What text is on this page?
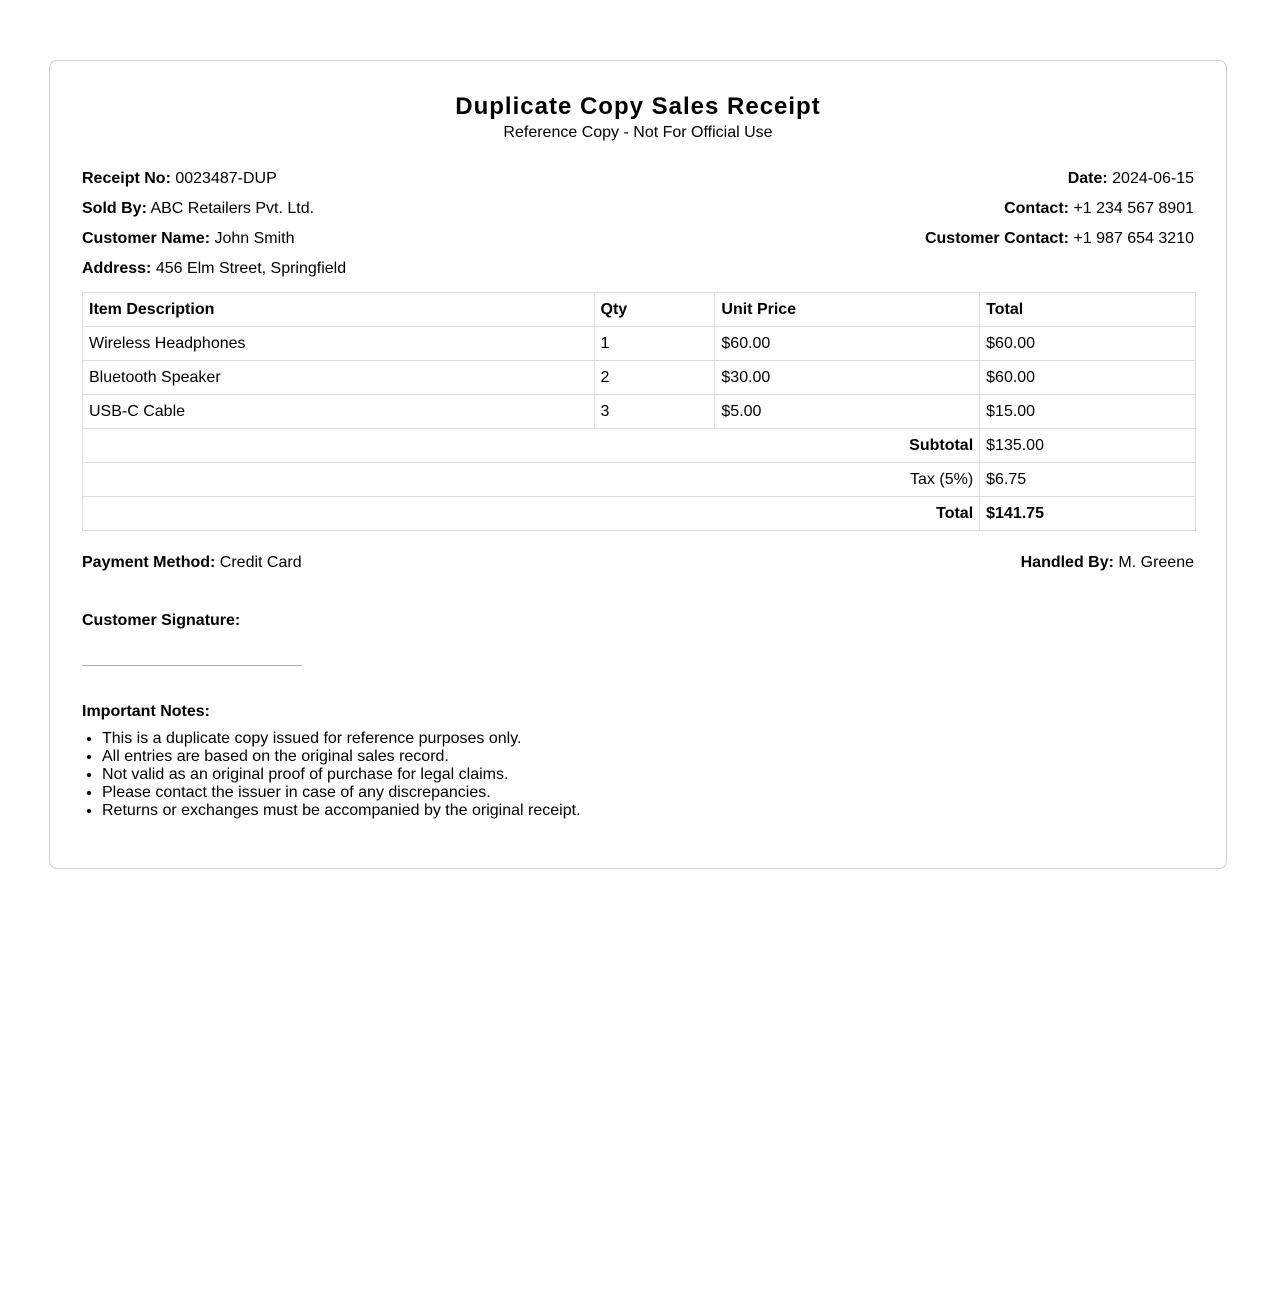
Duplicate Copy Sales Receipt
Reference Copy - Not For Official Use
Receipt No: 0023487-DUP	Date: 2024-06-15
Sold By: ABC Retailers Pvt. Ltd.	Contact: +1 234 567 8901
Customer Name: John Smith	Customer Contact: +1 987 654 3210
Address: 456 Elm Street, Springfield
Item Description	Qty	Unit Price	Total
Wireless Headphones	1	$60.00	$60.00
Bluetooth Speaker	2	$30.00	$60.00
USB-C Cable	3	$5.00	$15.00
Subtotal			$135.00
Tax (5%)			$6.75
Total			$141.75
Payment Method: Credit Card	Handled By: M. Greene
Customer Signature:
Important Notes:
• This is a duplicate copy issued for reference purposes only.
• All entries are based on the original sales record.
• Not valid as an original proof of purchase for legal claims.
• Please contact the issuer in case of any discrepancies.
• Returns or exchanges must be accompanied by the original receipt.
